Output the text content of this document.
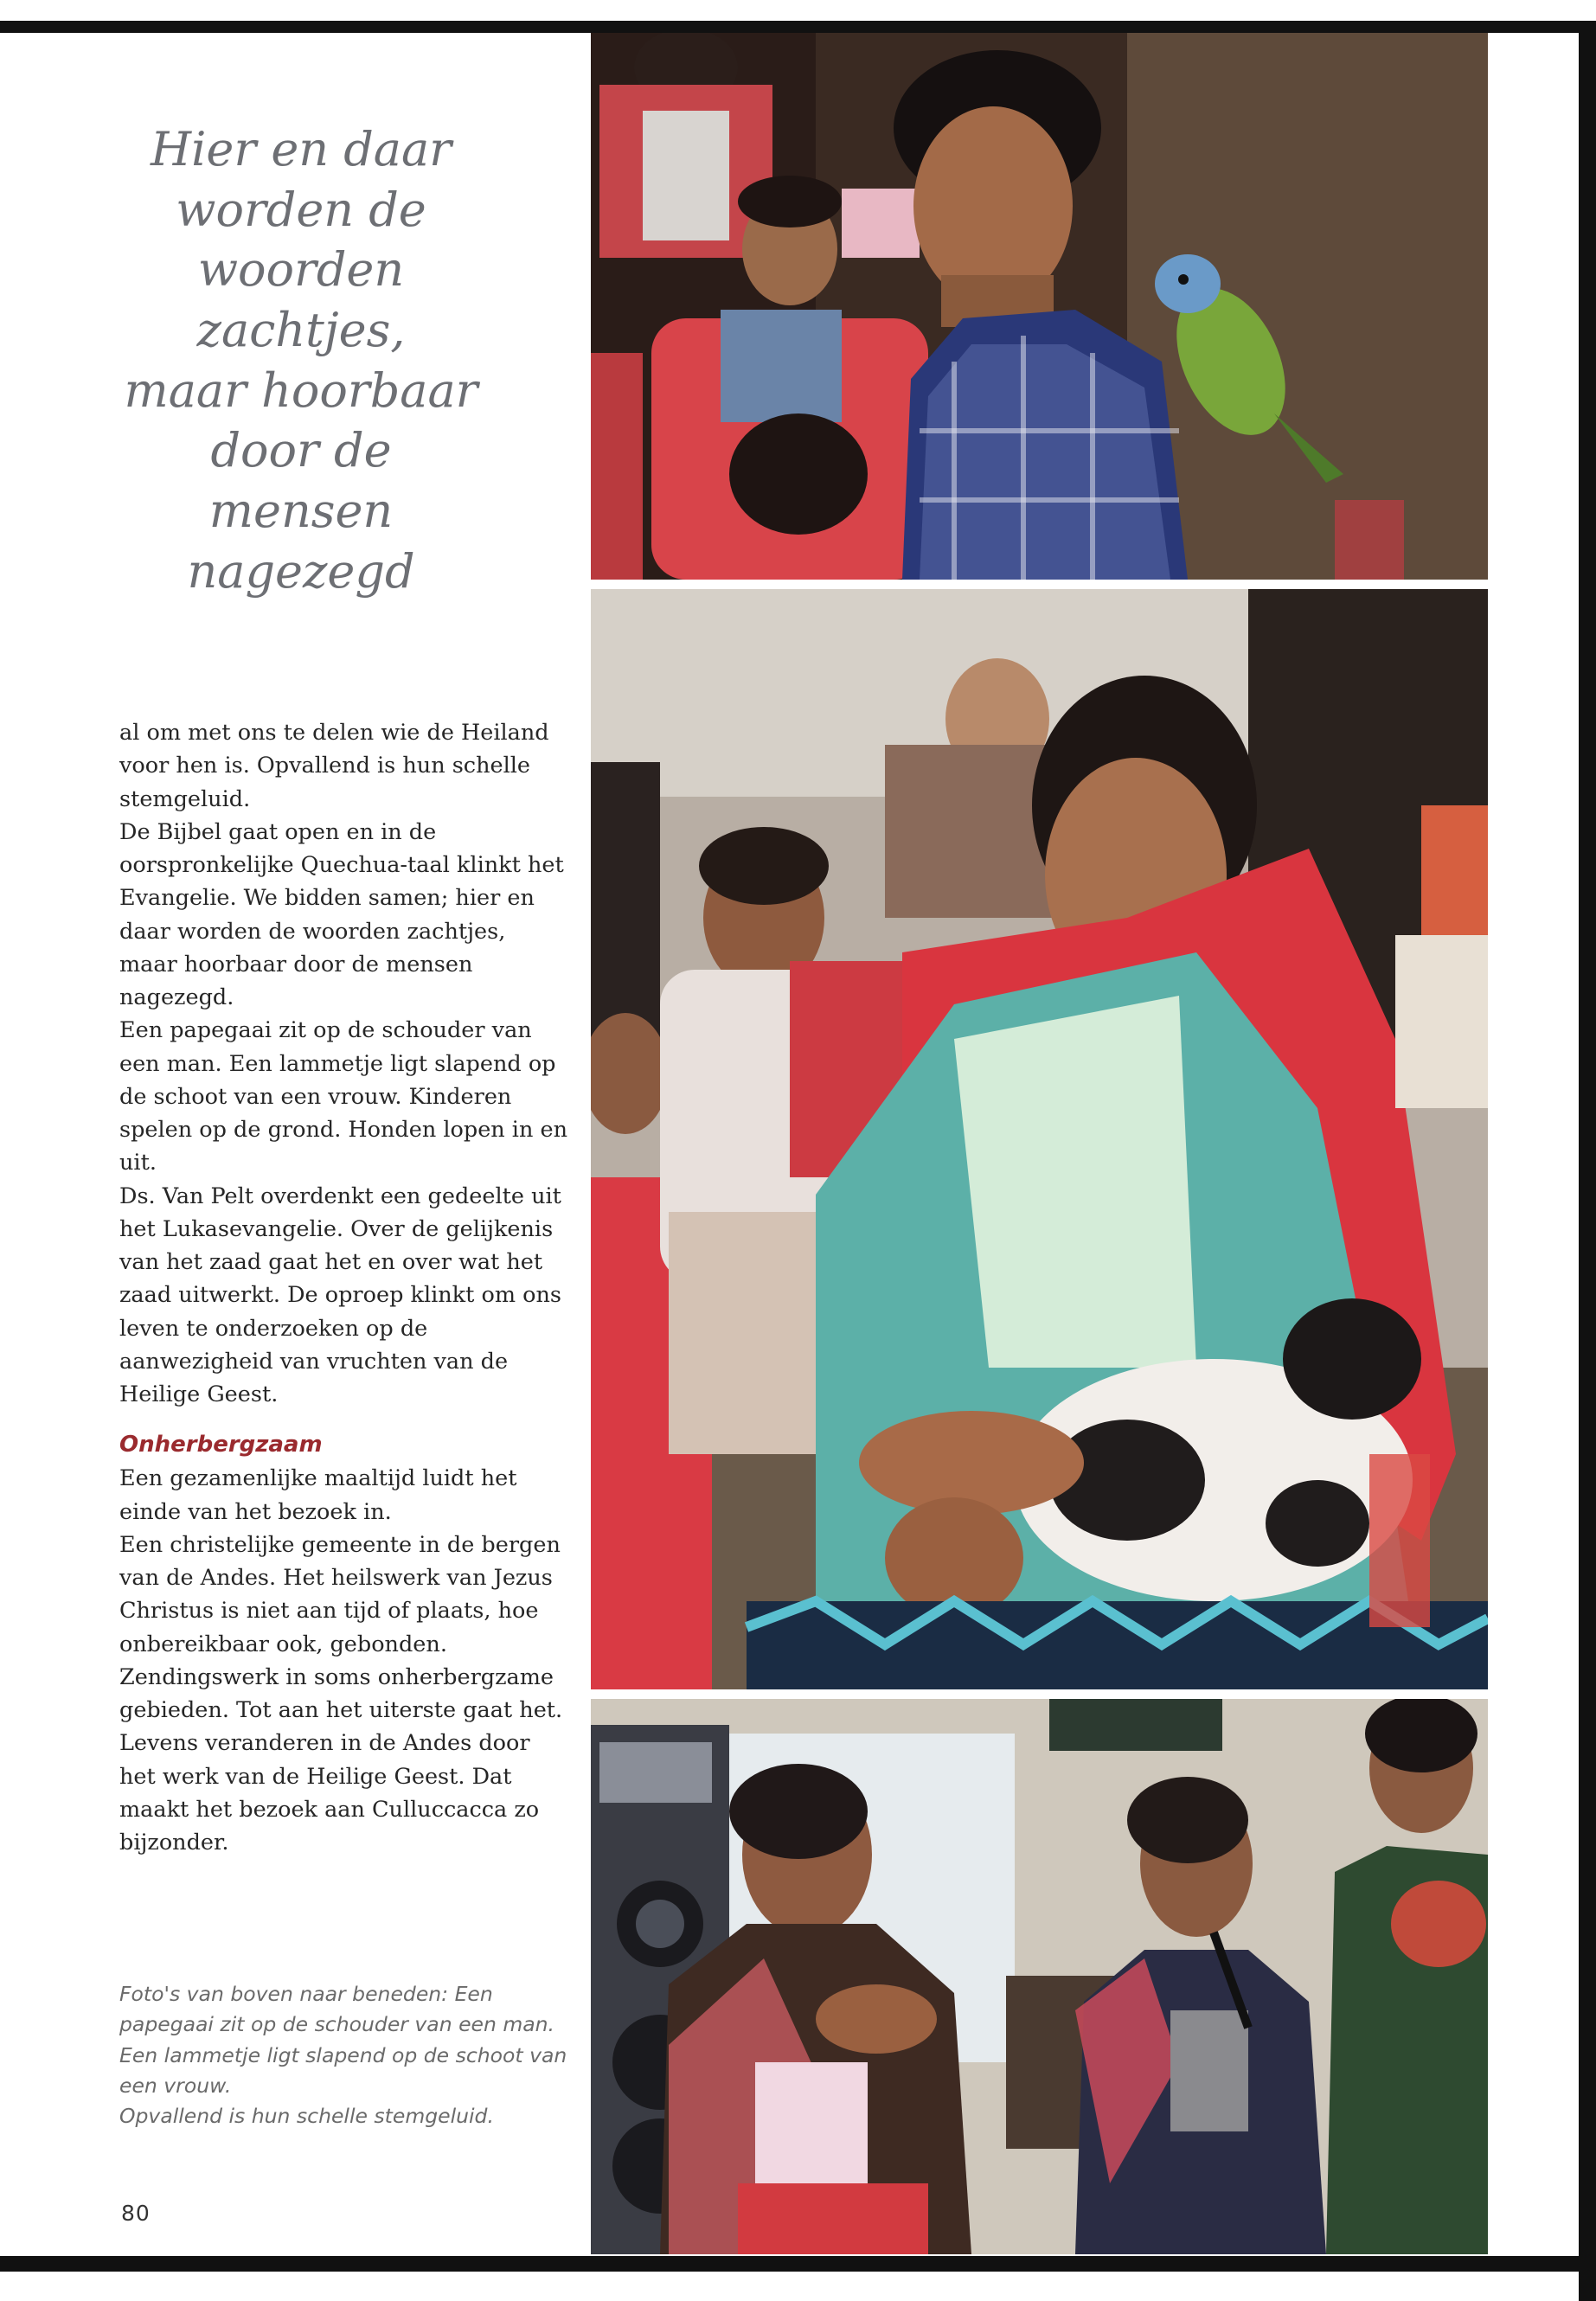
Hier en daar
worden de
woorden
zachtjes,
maar hoorbaar
door de mensen
nagezegd

al om met ons te delen wie de Heiland voor hen is. Opvallend is hun schelle stemgeluid.

De Bijbel gaat open en in de oorspronkelijke Quechua-taal klinkt het Evangelie. We bidden samen; hier en daar worden de woorden zachtjes, maar hoorbaar door de mensen nagezegd.

Een papegaai zit op de schouder van een man. Een lammetje ligt slapend op de schoot van een vrouw. Kinderen spelen op de grond. Honden lopen in en uit.

Ds. Van Pelt overdenkt een gedeelte uit het Lukasevangelie. Over de gelijkenis van het zaad gaat het en over wat het zaad uitwerkt. De oproep klinkt om ons leven te onderzoeken op de aanwezigheid van vruchten van de Heilige Geest.

Onherbergzaam

Een gezamenlijke maaltijd luidt het einde van het bezoek in.

Een christelijke gemeente in de bergen van de Andes. Het heilswerk van Jezus Christus is niet aan tijd of plaats, hoe onbereikbaar ook, gebonden. Zendingswerk in soms onherbergzame gebieden. Tot aan het uiterste gaat het. Levens veranderen in de Andes door het werk van de Heilige Geest. Dat maakt het bezoek aan Culluccacca zo bijzonder.

Foto's van boven naar beneden: Een papegaai zit op de schouder van een man. Een lammetje ligt slapend op de schoot van een vrouw.

Opvallend is hun schelle stemgeluid.

80
